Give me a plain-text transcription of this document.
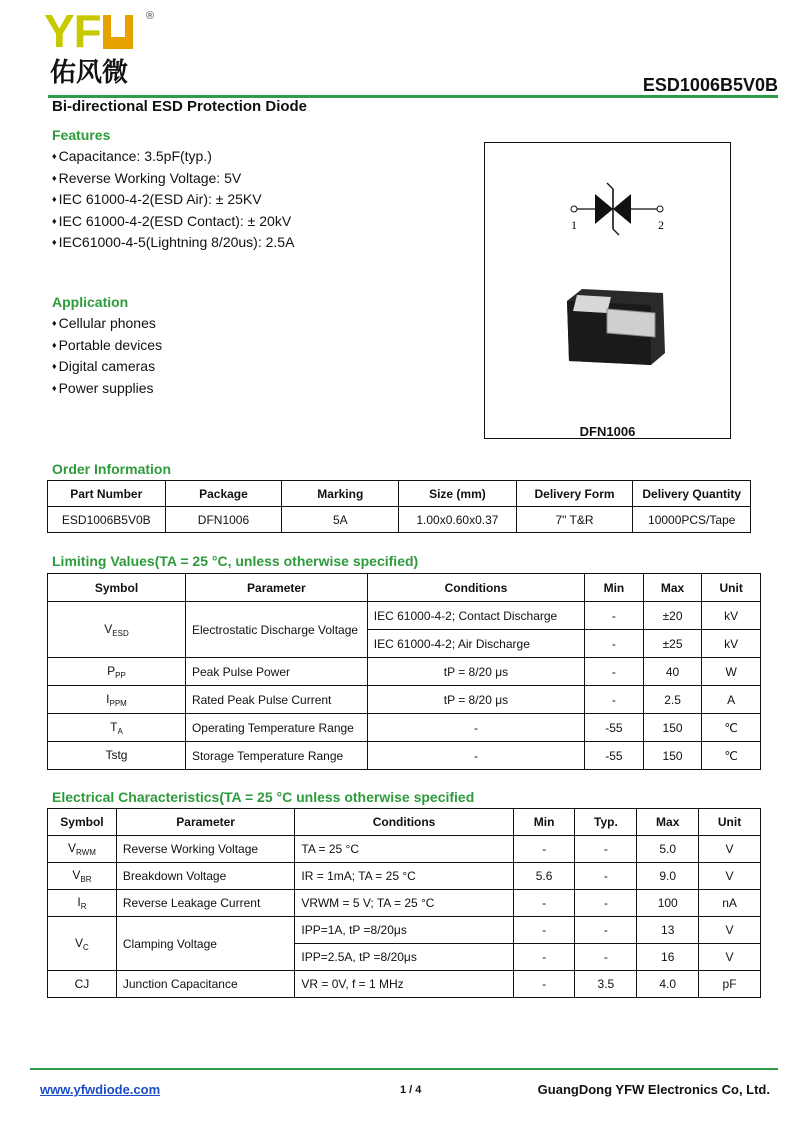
YF	®
佑风微	ESD1006B5V0B
Bi-directional ESD Protection Diode
Features
♦ Capacitance: 3.5pF(typ.)
♦ Reverse Working Voltage: 5V
♦ IEC 61000-4-2(ESD Air): ± 25KV
♦ IEC 61000-4-2(ESD Contact): ± 20kV
♦ IEC61000-4-5(Lightning 8/20us): 2.5A
Application
♦ Cellular phones
♦ Portable devices
♦ Digital cameras
♦ Power supplies
1	2
DFN1006
Order Information
Part Number	Package	Marking	Size (mm)	Delivery Form	Delivery Quantity
ESD1006B5V0B	DFN1006	5A	1.00x0.60x0.37	7" T&R	10000PCS/Tape
Limiting Values(TA = 25 °C, unless otherwise specified)
Symbol	Parameter	Conditions	Min	Max	Unit
$V_{ESD}$	Electrostatic Discharge Voltage	IEC 61000-4-2; Contact Discharge	-	±20	kV
		IEC 61000-4-2; Air Discharge	-	±25	kV
$P_{PP}$	Peak Pulse Power	tP = 8/20 μs	-	40	W
$I_{PPM}$	Rated Peak Pulse Current	tP = 8/20 μs	-	2.5	A
$T_A$	Operating Temperature Range	-	-55	150	℃
Tstg	Storage Temperature Range	-	-55	150	℃
Electrical Characteristics(TA = 25 °C unless otherwise specified
Symbol	Parameter	Conditions	Min	Typ.	Max	Unit
$V_{RWM}$	Reverse Working Voltage	TA = 25 °C	-	-	5.0	V
$V_{BR}$	Breakdown Voltage	IR = 1mA; TA = 25 °C	5.6	-	9.0	V
$I_R$	Reverse Leakage Current	VRWM = 5 V; TA = 25 °C	-	-	100	nA
$V_C$	Clamping Voltage	IPP=1A, tP =8/20μs	-	-	13	V
		IPP=2.5A, tP =8/20μs	-	-	16	V
CJ	Junction Capacitance	VR = 0V, f = 1 MHz	-	3.5	4.0	pF
www.yfwdiode.com	1 / 4	GuangDong YFW Electronics Co, Ltd.
